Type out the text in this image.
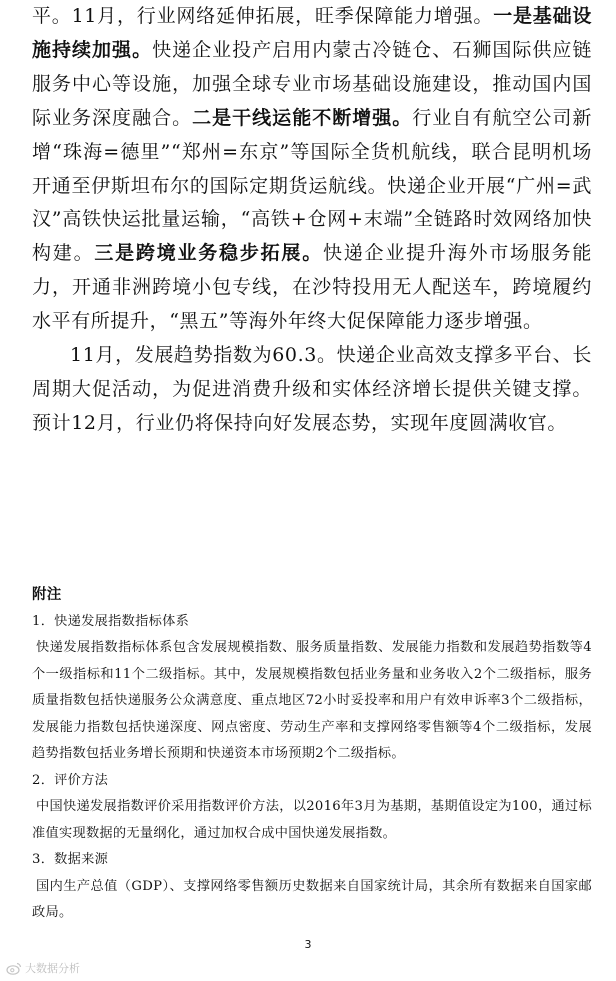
平。11月，行业网络延伸拓展，旺季保障能力增强。一是基础设施持续加强。快递企业投产启用内蒙古冷链仓、石狮国际供应链服务中心等设施，加强全球专业市场基础设施建设，推动国内国际业务深度融合。二是干线运能不断增强。行业自有航空公司新增“珠海=德里”“郑州=东京”等国际全货机航线，联合昆明机场开通至伊斯坦布尔的国际定期货运航线。快递企业开展“广州=武汉”高铁快运批量运输，“高铁+仓网+末端”全链路时效网络加快构建。三是跨境业务稳步拓展。快递企业提升海外市场服务能力，开通非洲跨境小包专线，在沙特投用无人配送车，跨境履约水平有所提升，“黑五”等海外年终大促保障能力逐步增强。

11月，发展趋势指数为60.3。快递企业高效支撑多平台、长周期大促活动，为促进消费升级和实体经济增长提供关键支撑。预计12月，行业仍将保持向好发展态势，实现年度圆满收官。

附注

1．快递发展指数指标体系

快递发展指数指标体系包含发展规模指数、服务质量指数、发展能力指数和发展趋势指数等4个一级指标和11个二级指标。其中，发展规模指数包括业务量和业务收入2个二级指标，服务质量指数包括快递服务公众满意度、重点地区72小时妥投率和用户有效申诉率3个二级指标，发展能力指数包括快递深度、网点密度、劳动生产率和支撑网络零售额等4个二级指标，发展趋势指数包括业务增长预期和快递资本市场预期2个二级指标。

2．评价方法

中国快递发展指数评价采用指数评价方法，以2016年3月为基期，基期值设定为100，通过标准值实现数据的无量纲化，通过加权合成中国快递发展指数。

3．数据来源

国内生产总值（GDP）、支撑网络零售额历史数据来自国家统计局，其余所有数据来自国家邮政局。

3
大数据分析
